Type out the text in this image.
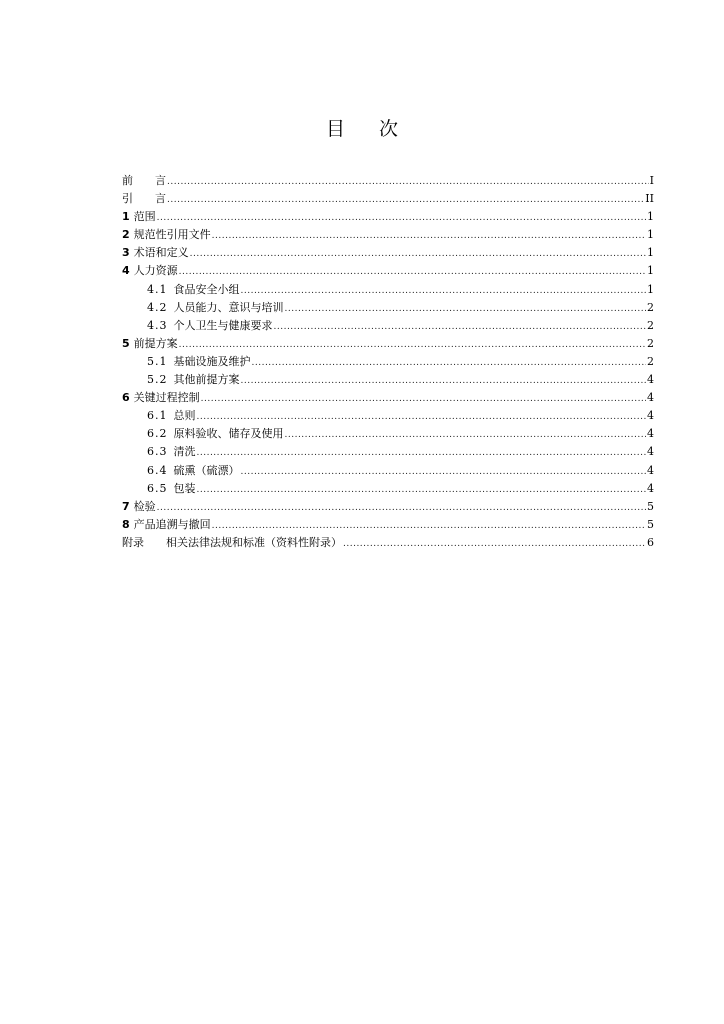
目 次
前　　言 .....	I
引　　言 .....	II
1 范围 .....	1
2 规范性引用文件 .....	1
3 术语和定义 .....	1
4 人力资源 .....	1
4.1 食品安全小组 .....	1
4.2 人员能力、意识与培训 .....	2
4.3 个人卫生与健康要求 .....	2
5 前提方案 .....	2
5.1 基础设施及维护 .....	2
5.2 其他前提方案 .....	4
6 关键过程控制 .....	4
6.1 总则 .....	4
6.2 原料验收、储存及使用 .....	4
6.3 清洗 .....	4
6.4 硫熏（硫漂） .....	4
6.5 包装 .....	4
7 检验 .....	5
8 产品追溯与撤回 .....	5
附录 相关法律法规和标准（资料性附录） .....	6
